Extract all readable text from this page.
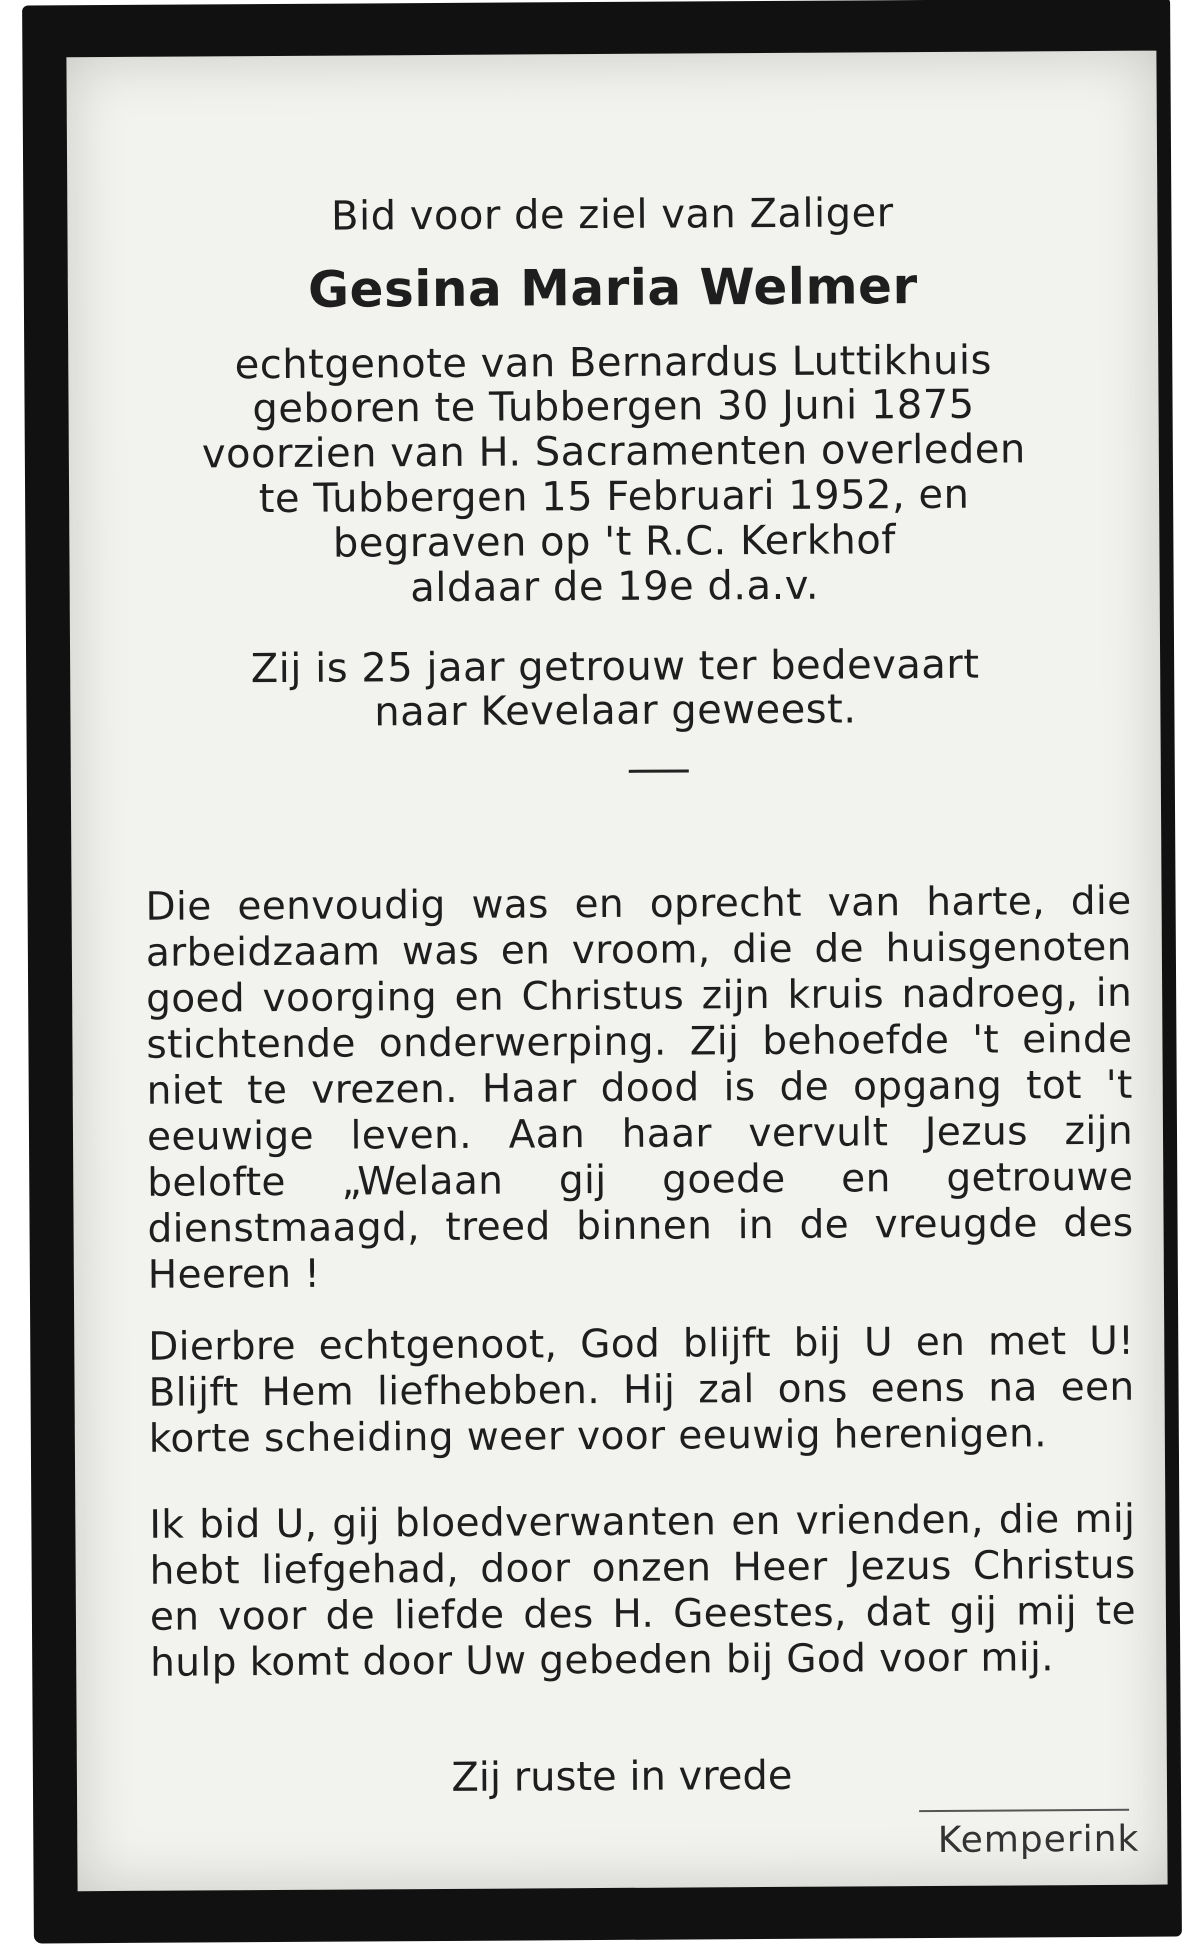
Bid voor de ziel van Zaliger
Gesina Maria Welmer
echtgenote van Bernardus Luttikhuis
geboren te Tubbergen 30 Juni 1875
voorzien van H. Sacramenten overleden
te Tubbergen 15 Februari 1952, en
begraven op 't R.C. Kerkhof
aldaar de 19e d.a.v.
Zij is 25 jaar getrouw ter bedevaart
naar Kevelaar geweest.
Die eenvoudig was en oprecht van harte, die arbeidzaam was en vroom, die de huisgenoten goed voorging en Christus zijn kruis nadroeg, in stichtende onderwerping. Zij behoefde 't einde niet te vrezen. Haar dood is de opgang tot 't eeuwige leven. Aan haar vervult Jezus zijn belofte „Welaan gij goede en getrouwe dienstmaagd, treed binnen in de vreugde des Heeren !
Dierbre echtgenoot, God blijft bij U en met U! Blijft Hem liefhebben. Hij zal ons eens na een korte scheiding weer voor eeuwig herenigen.
Ik bid U, gij bloedverwanten en vrienden, die mij hebt liefgehad, door onzen Heer Jezus Christus en voor de liefde des H. Geestes, dat gij mij te hulp komt door Uw gebeden bij God voor mij.
Zij ruste in vrede
Kemperink
